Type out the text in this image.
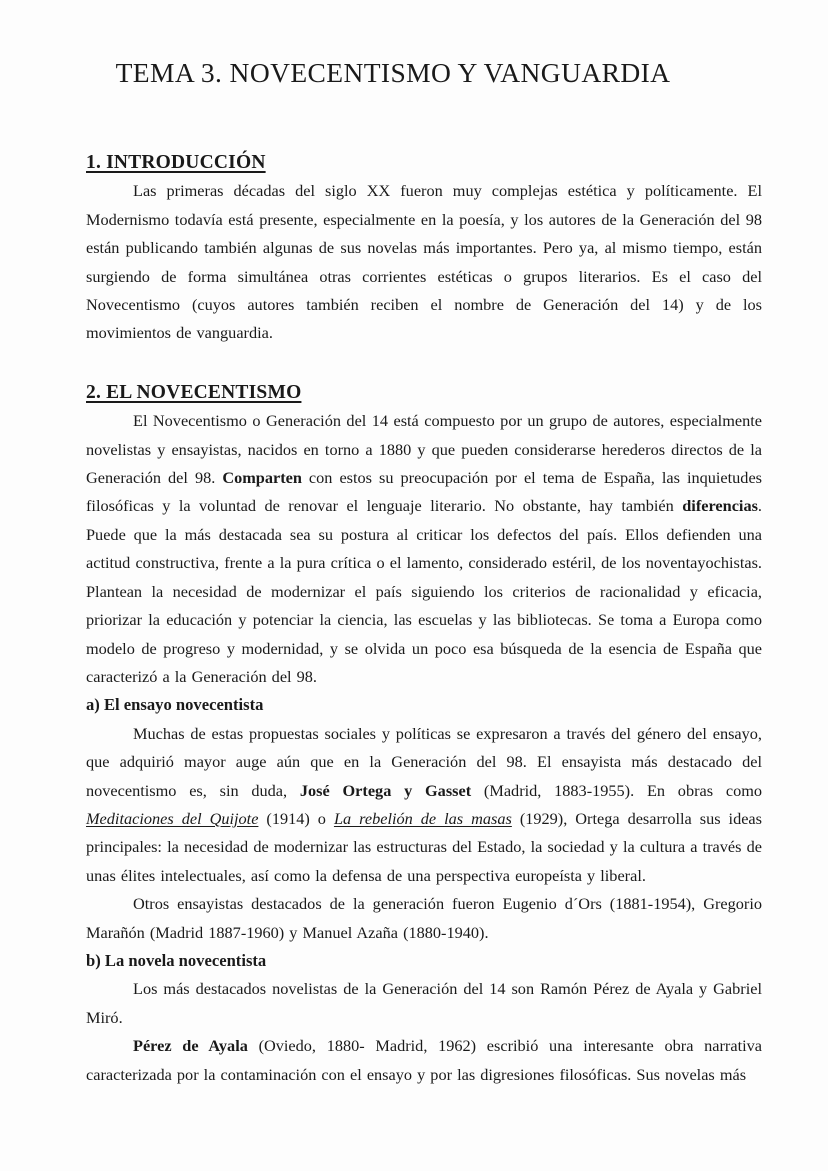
TEMA 3. NOVECENTISMO Y VANGUARDIA
1. INTRODUCCIÓN

Las primeras décadas del siglo XX fueron muy complejas estética y políticamente. El Modernismo todavía está presente, especialmente en la poesía, y los autores de la Generación del 98 están publicando también algunas de sus novelas más importantes. Pero ya, al mismo tiempo, están surgiendo de forma simultánea otras corrientes estéticas o grupos literarios. Es el caso del Novecentismo (cuyos autores también reciben el nombre de Generación del 14) y de los movimientos de vanguardia.

2. EL NOVECENTISMO

El Novecentismo o Generación del 14 está compuesto por un grupo de autores, especialmente novelistas y ensayistas, nacidos en torno a 1880 y que pueden considerarse herederos directos de la Generación del 98. Comparten con estos su preocupación por el tema de España, las inquietudes filosóficas y la voluntad de renovar el lenguaje literario. No obstante, hay también diferencias. Puede que la más destacada sea su postura al criticar los defectos del país. Ellos defienden una actitud constructiva, frente a la pura crítica o el lamento, considerado estéril, de los noventayochistas. Plantean la necesidad de modernizar el país siguiendo los criterios de racionalidad y eficacia, priorizar la educación y potenciar la ciencia, las escuelas y las bibliotecas. Se toma a Europa como modelo de progreso y modernidad, y se olvida un poco esa búsqueda de la esencia de España que caracterizó a la Generación del 98.

a) El ensayo novecentista

Muchas de estas propuestas sociales y políticas se expresaron a través del género del ensayo, que adquirió mayor auge aún que en la Generación del 98. El ensayista más destacado del novecentismo es, sin duda, José Ortega y Gasset (Madrid, 1883-1955). En obras como Meditaciones del Quijote (1914) o La rebelión de las masas (1929), Ortega desarrolla sus ideas principales: la necesidad de modernizar las estructuras del Estado, la sociedad y la cultura a través de unas élites intelectuales, así como la defensa de una perspectiva europeísta y liberal.

Otros ensayistas destacados de la generación fueron Eugenio d´Ors (1881-1954), Gregorio Marañón (Madrid 1887-1960) y Manuel Azaña (1880-1940).

b) La novela novecentista

Los más destacados novelistas de la Generación del 14 son Ramón Pérez de Ayala y Gabriel Miró.

Pérez de Ayala (Oviedo, 1880- Madrid, 1962) escribió una interesante obra narrativa caracterizada por la contaminación con el ensayo y por las digresiones filosóficas. Sus novelas más
